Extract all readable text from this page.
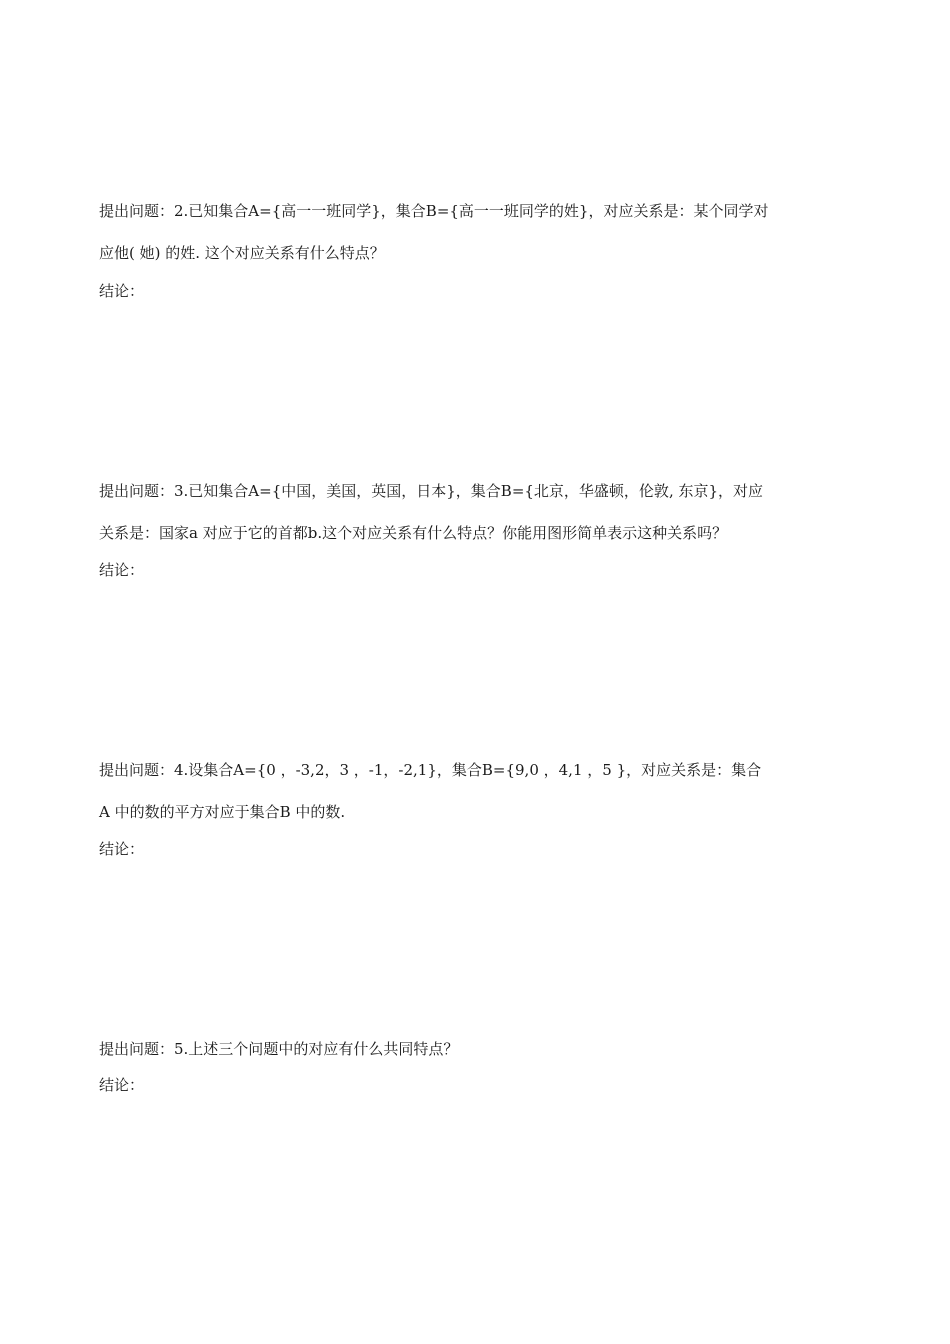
提出问题：2.已知集合A={高一一班同学}，集合B={高一一班同学的姓}，对应关系是：某个同学对
应他( 她) 的姓. 这个对应关系有什么特点？
结论：
提出问题：3.已知集合A={中国，美国，英国，日本}，集合B={北京，华盛顿，伦敦, 东京}，对应
关系是：国家a 对应于它的首都b.这个对应关系有什么特点？你能用图形简单表示这种关系吗？
结论：
提出问题：4.设集合A={0 ，-3,2，3 ，-1，-2,1}，集合B={9,0 ，4,1 ，5 }，对应关系是：集合
A 中的数的平方对应于集合B 中的数.
结论：
提出问题：5.上述三个问题中的对应有什么共同特点？
结论：
